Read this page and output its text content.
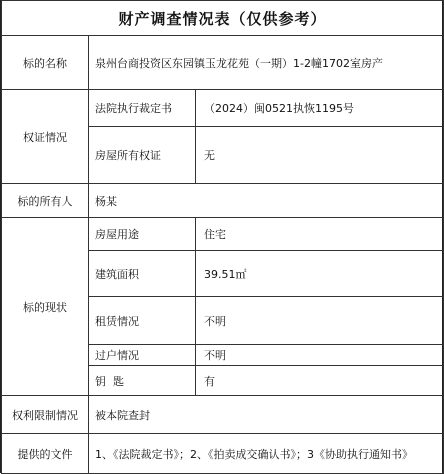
财产调查情况表（仅供参考）		
标的名称	泉州台商投资区东园镇玉龙花苑（一期）1-2幢1702室房产	
权证情况	法院执行裁定书	（2024）闽0521执恢1195号
	房屋所有权证	无
标的所有人	杨某	
标的现状	房屋用途	住宅
	建筑面积	39.51㎡
	租赁情况	不明
	过户情况	不明
	钥  匙	有
权利限制情况	被本院查封	
提供的文件	1、《法院裁定书》；2、《拍卖成交确认书》；3《协助执行通知书》	
